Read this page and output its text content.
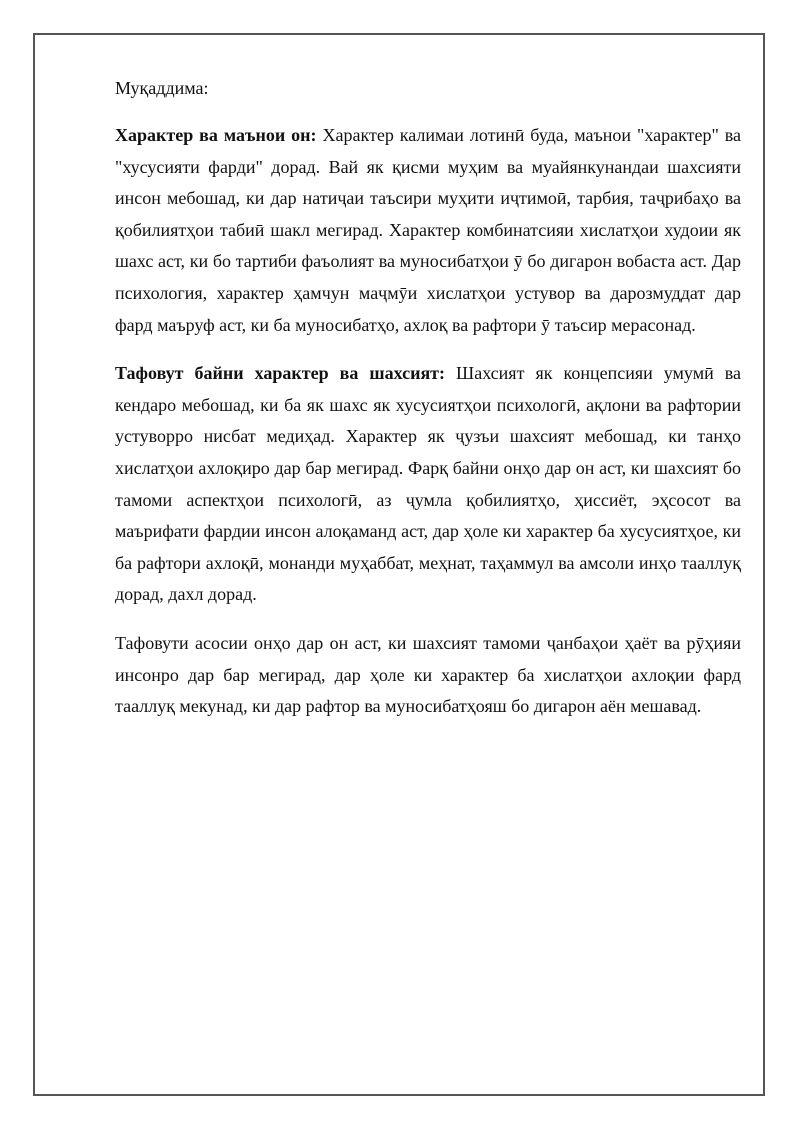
Муқаддима:

Характер ва маънои он: Характер калимаи лотинӣ буда, маънои "характер" ва "хусусияти фарди" дорад. Вай як қисми муҳим ва муайянкунандаи шахсияти инсон мебошад, ки дар натиҷаи таъсири муҳити иҷтимоӣ, тарбия, таҷрибаҳо ва қобилиятҳои табиӣ шакл мегирад. Характер комбинатсияи хислатҳои худоии як шахс аст, ки бо тартиби фаъолият ва муносибатҳои ӯ бо дигарон вобаста аст. Дар психология, характер ҳамчун маҷмӯи хислатҳои устувор ва дарозмуддат дар фард маъруф аст, ки ба муносибатҳо, ахлоқ ва рафтори ӯ таъсир мерасонад.

Тафовут байни характер ва шахсият: Шахсият як концепсияи умумӣ ва кендаро мебошад, ки ба як шахс як хусусиятҳои психологӣ, ақлони ва рафтории устуворро нисбат медиҳад. Характер як ҷузъи шахсият мебошад, ки танҳо хислатҳои ахлоқиро дар бар мегирад. Фарқ байни онҳо дар он аст, ки шахсият бо тамоми аспектҳои психологӣ, аз ҷумла қобилиятҳо, ҳиссиёт, эҳсосот ва маърифати фардии инсон алоқаманд аст, дар ҳоле ки характер ба хусусиятҳое, ки ба рафтори ахлоқӣ, монанди муҳаббат, меҳнат, таҳаммул ва амсоли инҳо тааллуқ дорад, дахл дорад.

Тафовути асосии онҳо дар он аст, ки шахсият тамоми ҷанбаҳои ҳаёт ва рӯҳияи инсонро дар бар мегирад, дар ҳоле ки характер ба хислатҳои ахлоқии фард тааллуқ мекунад, ки дар рафтор ва муносибатҳояш бо дигарон аён мешавад.
